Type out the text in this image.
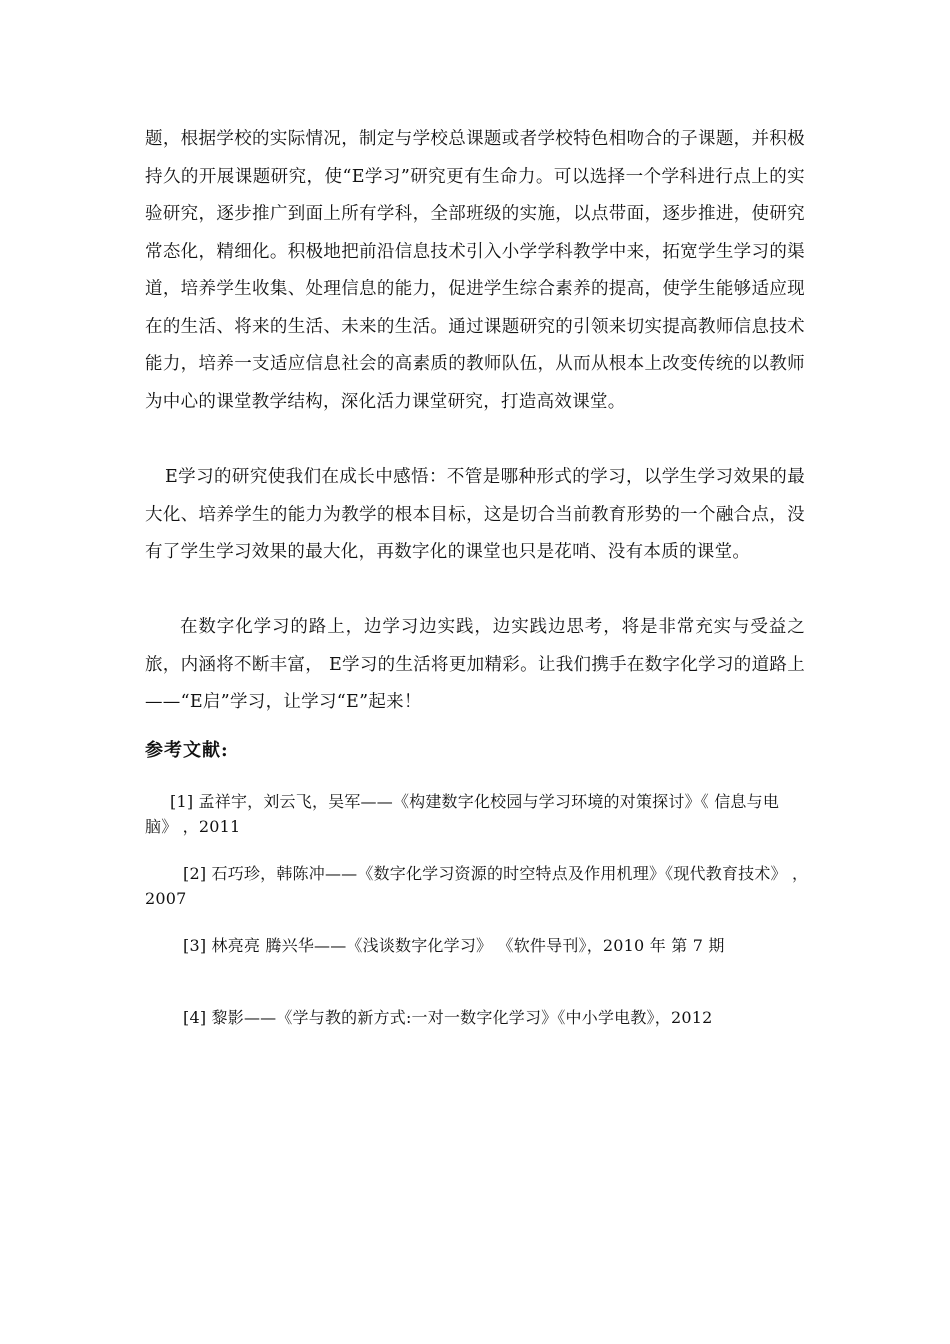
题，根据学校的实际情况，制定与学校总课题或者学校特色相吻合的子课题，并积极持久的开展课题研究，使“E学习”研究更有生命力。可以选择一个学科进行点上的实验研究，逐步推广到面上所有学科，全部班级的实施，以点带面，逐步推进，使研究常态化，精细化。积极地把前沿信息技术引入小学学科教学中来，拓宽学生学习的渠道，培养学生收集、处理信息的能力，促进学生综合素养的提高，使学生能够适应现在的生活、将来的生活、未来的生活。通过课题研究的引领来切实提高教师信息技术能力，培养一支适应信息社会的高素质的教师队伍，从而从根本上改变传统的以教师为中心的课堂教学结构，深化活力课堂研究，打造高效课堂。

E学习的研究使我们在成长中感悟：不管是哪种形式的学习，以学生学习效果的最大化、培养学生的能力为教学的根本目标，这是切合当前教育形势的一个融合点，没有了学生学习效果的最大化，再数字化的课堂也只是花哨、没有本质的课堂。

在数字化学习的路上，边学习边实践，边实践边思考，将是非常充实与受益之旅，内涵将不断丰富， E学习的生活将更加精彩。让我们携手在数字化学习的道路上——“E启”学习，让学习“E”起来！

参考文献:

[1] 孟祥宇，刘云飞，吴军——《构建数字化校园与学习环境的对策探讨》《 信息与电脑》 ，2011

[2] 石巧珍，韩陈冲——《数字化学习资源的时空特点及作用机理》《现代教育技术》 ，2007

[3] 林亮亮 腾兴华——《浅谈数字化学习》 《软件导刊》，2010 年 第 7 期

[4] 黎影——《学与教的新方式:一对一数字化学习》《中小学电教》，2012
